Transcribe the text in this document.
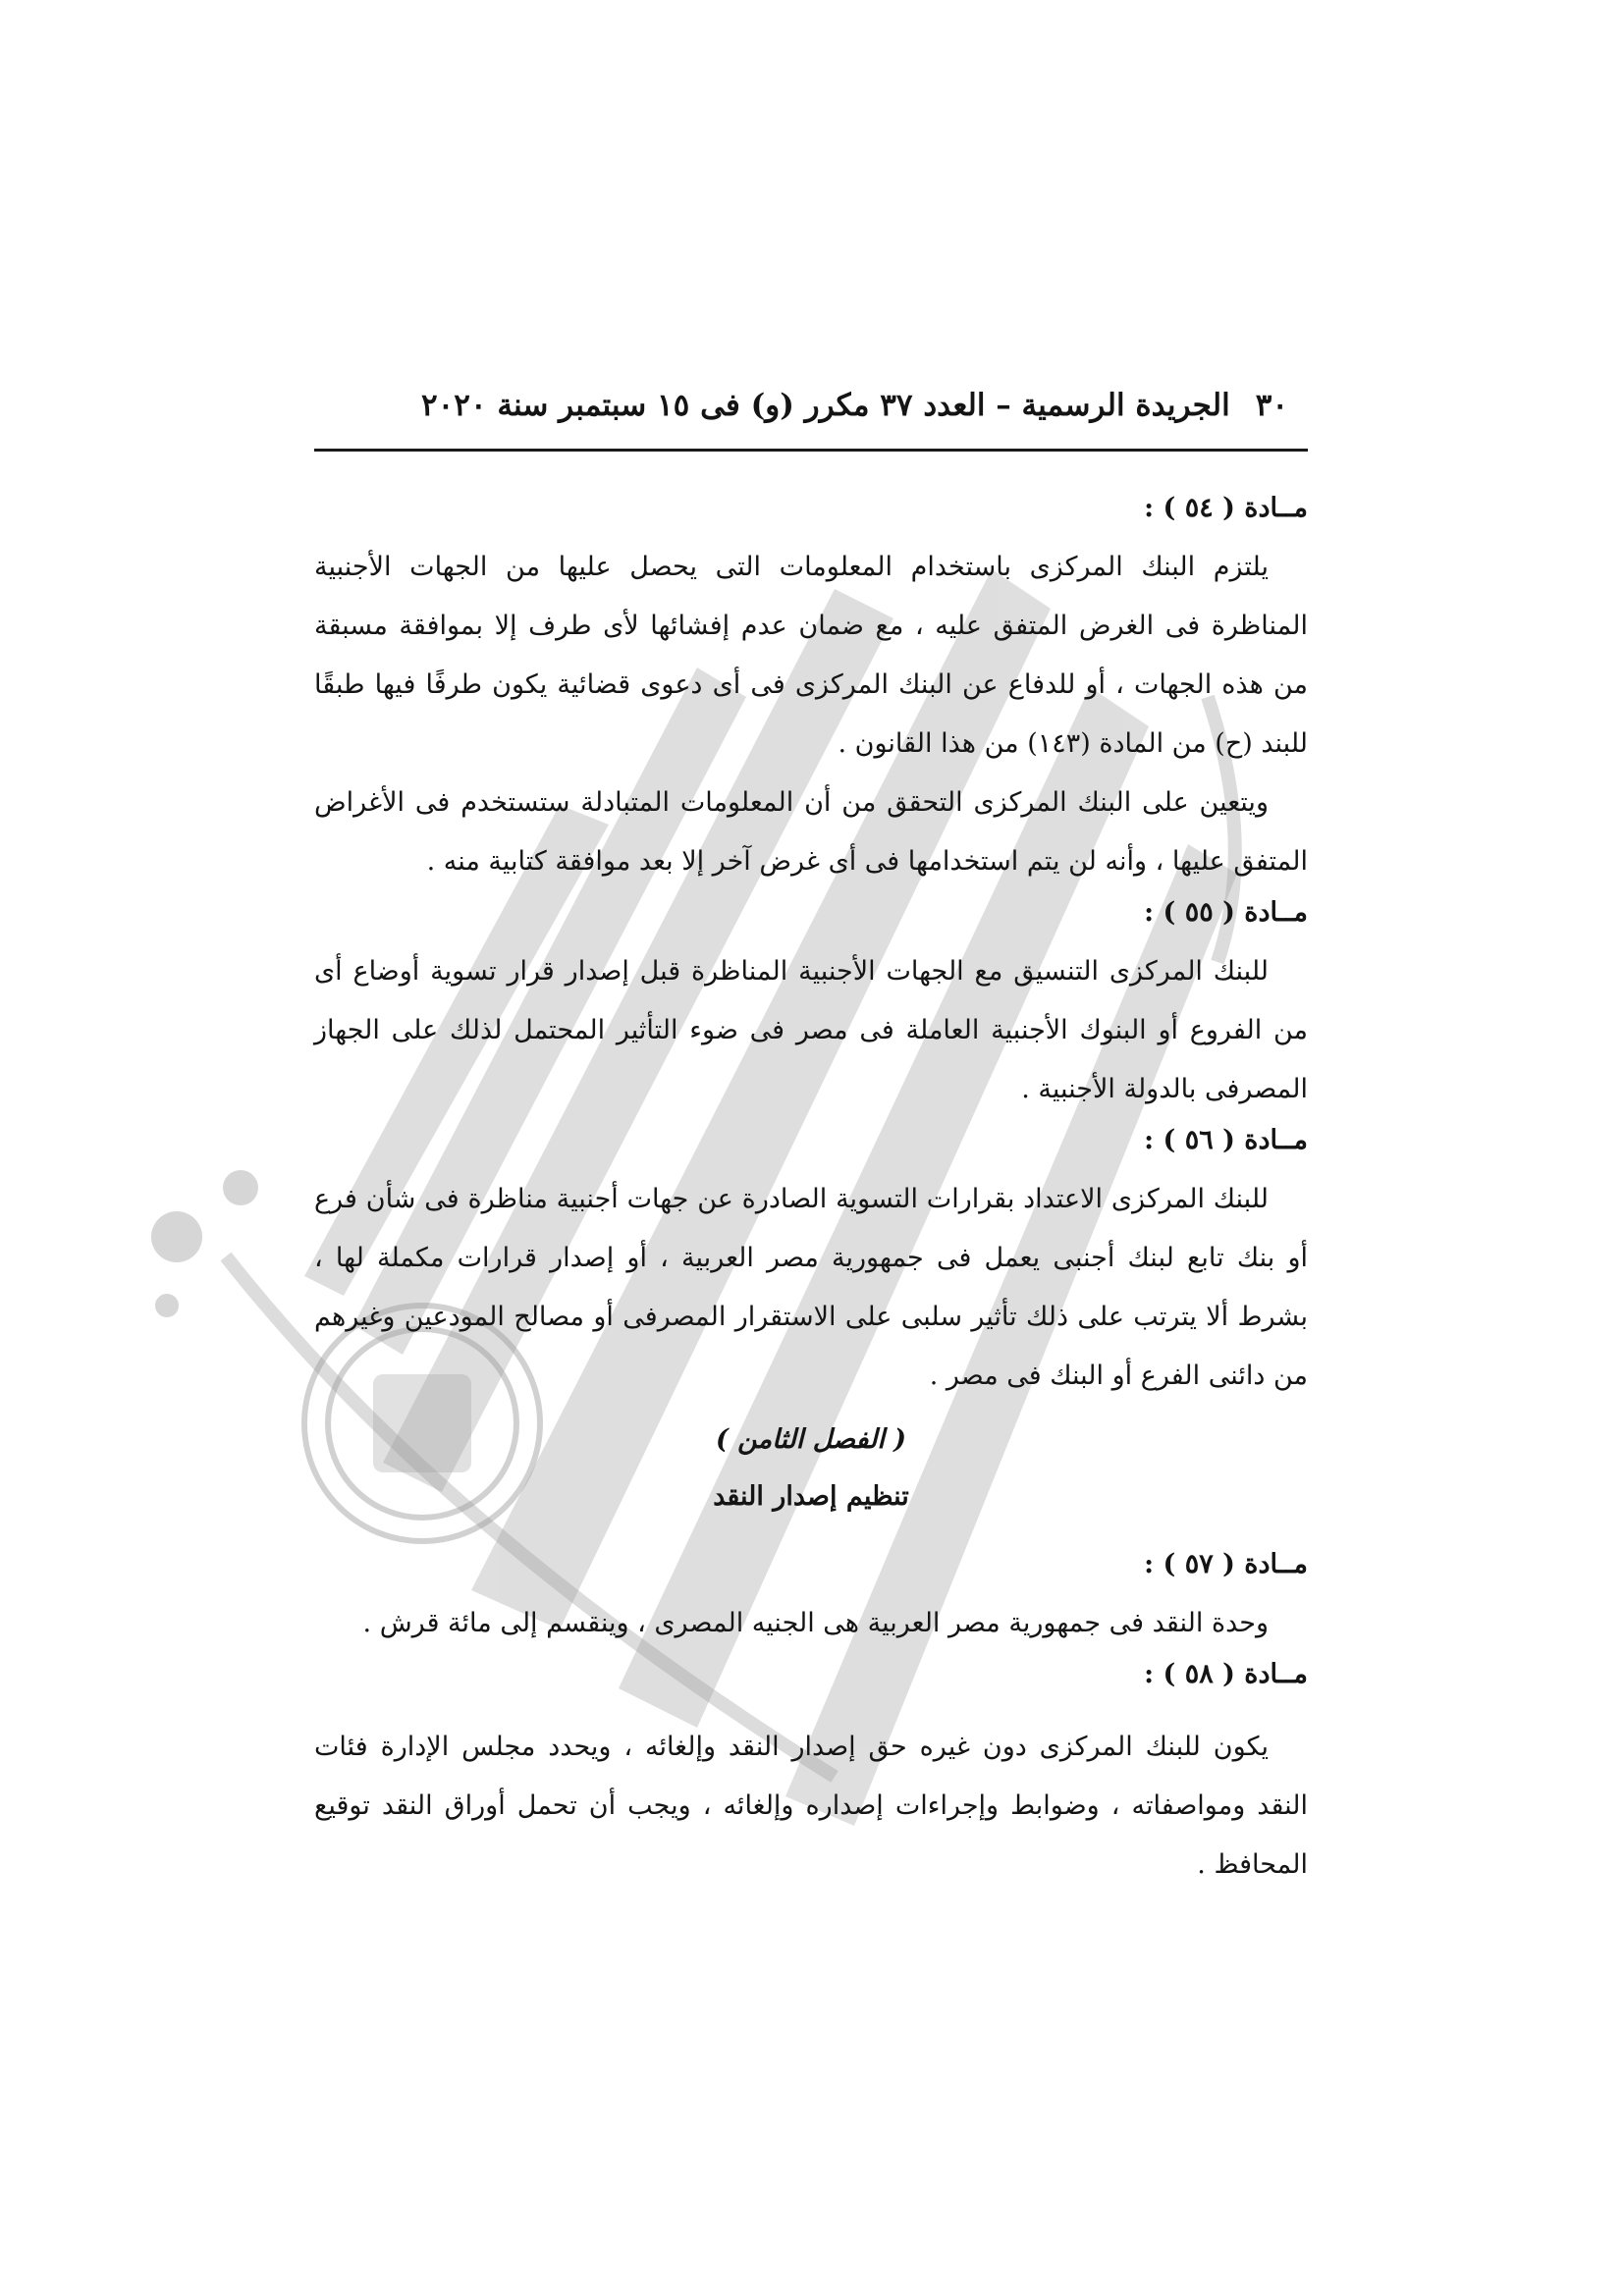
٣٠
الجريدة الرسمية – العدد ٣٧ مكرر (و) فى ١٥ سبتمبر سنة ٢٠٢٠

مــادة ( ٥٤ ) :

يلتزم البنك المركزى باستخدام المعلومات التى يحصل عليها من الجهات الأجنبية المناظرة فى الغرض المتفق عليه ، مع ضمان عدم إفشائها لأى طرف إلا بموافقة مسبقة من هذه الجهات ، أو للدفاع عن البنك المركزى فى أى دعوى قضائية يكون طرفًا فيها طبقًا للبند (ح) من المادة (١٤٣) من هذا القانون .

ويتعين على البنك المركزى التحقق من أن المعلومات المتبادلة ستستخدم فى الأغراض المتفق عليها ، وأنه لن يتم استخدامها فى أى غرض آخر إلا بعد موافقة كتابية منه .

مــادة ( ٥٥ ) :

للبنك المركزى التنسيق مع الجهات الأجنبية المناظرة قبل إصدار قرار تسوية أوضاع أى من الفروع أو البنوك الأجنبية العاملة فى مصر فى ضوء التأثير المحتمل لذلك على الجهاز المصرفى بالدولة الأجنبية .

مــادة ( ٥٦ ) :

للبنك المركزى الاعتداد بقرارات التسوية الصادرة عن جهات أجنبية مناظرة فى شأن فرع أو بنك تابع لبنك أجنبى يعمل فى جمهورية مصر العربية ، أو إصدار قرارات مكملة لها ، بشرط ألا يترتب على ذلك تأثير سلبى على الاستقرار المصرفى أو مصالح المودعين وغيرهم من دائنى الفرع أو البنك فى مصر .

( الفصل الثامن )

تنظيم إصدار النقد

مــادة ( ٥٧ ) :

وحدة النقد فى جمهورية مصر العربية هى الجنيه المصرى ، وينقسم إلى مائة قرش .

مــادة ( ٥٨ ) :

يكون للبنك المركزى دون غيره حق إصدار النقد وإلغائه ، ويحدد مجلس الإدارة فئات النقد ومواصفاته ، وضوابط وإجراءات إصداره وإلغائه ، ويجب أن تحمل أوراق النقد توقيع المحافظ .
